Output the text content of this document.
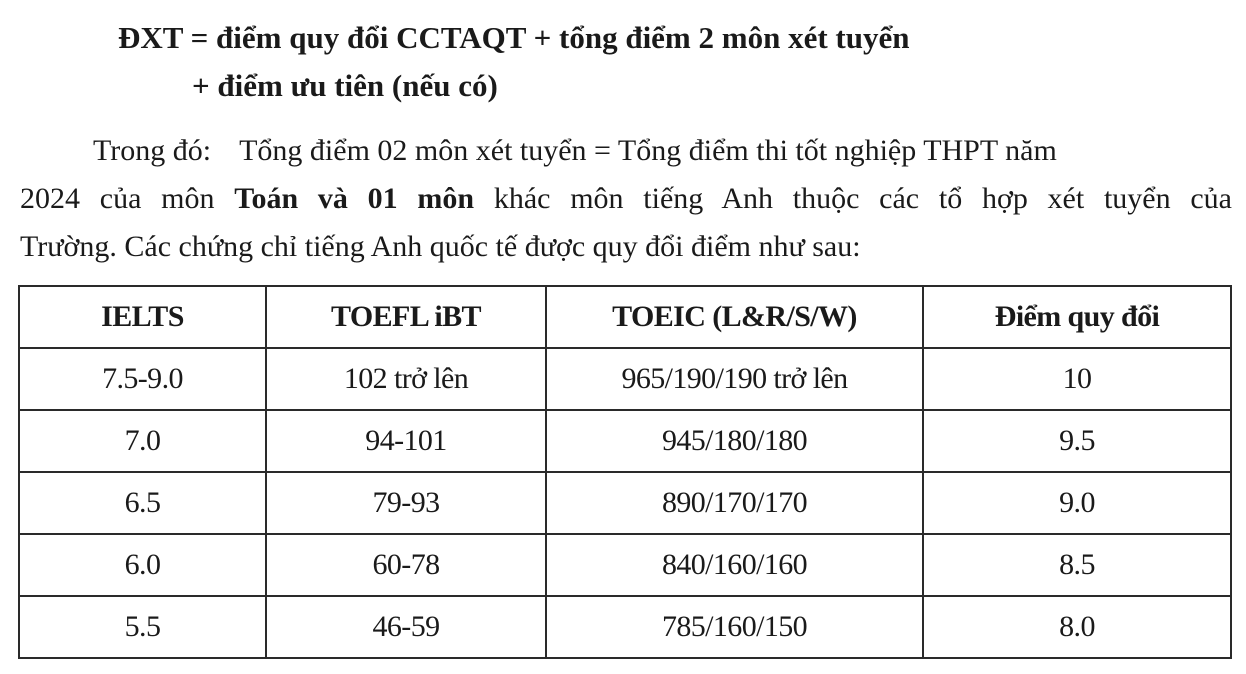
ĐXT = điểm quy đổi CCTAQT + tổng điểm 2 môn xét tuyển
+ điểm ưu tiên (nếu có)
Trong đó: Tổng điểm 02 môn xét tuyển = Tổng điểm thi tốt nghiệp THPT năm
2024 của môn Toán và 01 môn khác môn tiếng Anh thuộc các tổ hợp xét tuyển của
Trường. Các chứng chỉ tiếng Anh quốc tế được quy đổi điểm như sau:
IELTS	TOEFL iBT	TOEIC (L&R/S/W)	Điểm quy đổi
7.5-9.0	102 trở lên	965/190/190 trở lên	10
7.0	94-101	945/180/180	9.5
6.5	79-93	890/170/170	9.0
6.0	60-78	840/160/160	8.5
5.5	46-59	785/160/150	8.0
